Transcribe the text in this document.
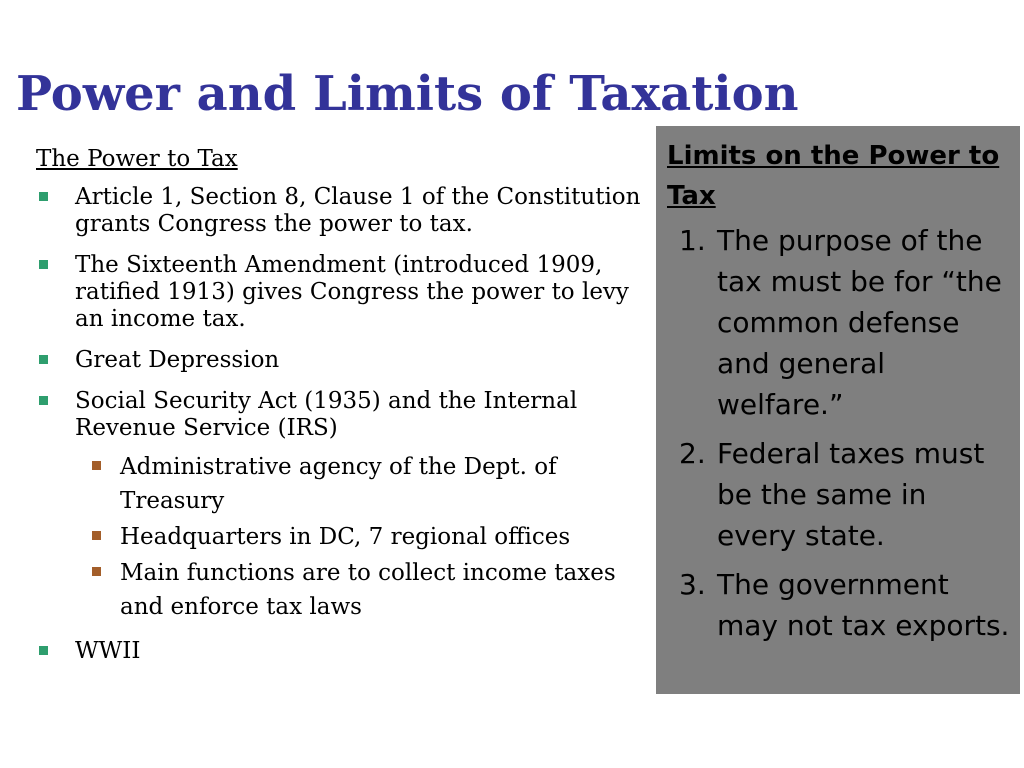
Power and Limits of Taxation
The Power to Tax
Article 1, Section 8, Clause 1 of the Constitution grants Congress the power to tax.
The Sixteenth Amendment (introduced 1909, ratified 1913) gives Congress the power to levy an income tax.
Great Depression
Social Security Act (1935) and the Internal Revenue Service (IRS)
Administrative agency of the Dept. of Treasury
Headquarters in DC, 7 regional offices
Main functions are to collect income taxes and enforce tax laws
WWII
Limits on the Power to Tax
1. The purpose of the tax must be for “the common defense and general welfare.”
2. Federal taxes must be the same in every state.
3. The government may not tax exports.
